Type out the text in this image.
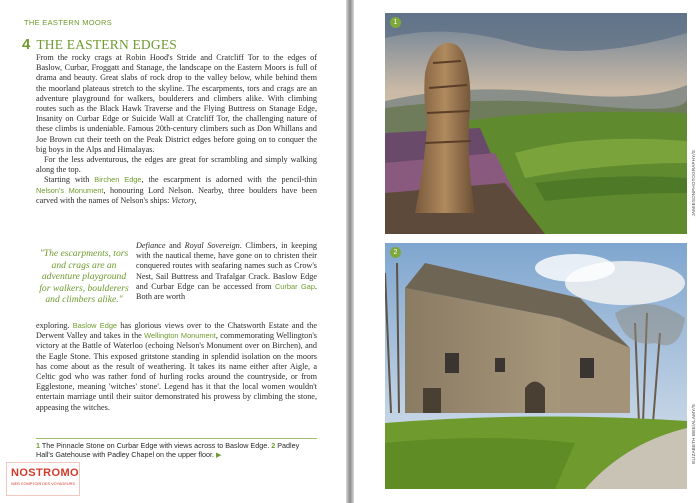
THE EASTERN MOORS
4 THE EASTERN EDGES

From the rocky crags at Robin Hood's Stride and Cratcliff Tor to the edges of Baslow, Curbar, Froggatt and Stanage, the landscape on the Eastern Moors is full of drama and beauty. Great slabs of rock drop to the valley below, while behind them the moorland plateaus stretch to the skyline. The escarpments, tors and crags are an adventure playground for walkers, boulderers and climbers alike. With climbing routes such as the Black Hawk Traverse and the Flying Buttress on Stanage Edge, Insanity on Curbar Edge or Suicide Wall at Cratcliff Tor, the challenging nature of these climbs is undeniable. Famous 20th-century climbers such as Don Whillans and Joe Brown cut their teeth on the Peak District edges before going on to conquer the big boys in the Alps and Himalayas.

For the less adventurous, the edges are great for scrambling and simply walking along the top.

Starting with Birchen Edge, the escarpment is adorned with the pencil-thin Nelson's Monument, honouring Lord Nelson. Nearby, three boulders have been carved with the names of Nelson's ships: Victory,

"The escarpments, tors and crags are an adventure playground for walkers, boulderers and climbers alike."

Defiance and Royal Sovereign. Climbers, in keeping with the nautical theme, have gone on to christen their conquered routes with seafaring names such as Crow's Nest, Sail Buttress and Trafalgar Crack. Baslow Edge and Curbar Edge can be accessed from Curbar Gap. Both are worth

exploring. Baslow Edge has glorious views over to the Chatsworth Estate and the Derwent Valley and takes in the Wellington Monument, commemorating Wellington's victory at the Battle of Waterloo (echoing Nelson's Monument over on Birchen), and the Eagle Stone. This exposed gritstone standing in splendid isolation on the moors has come about as the result of weathering. It takes its name either after Aigle, a Celtic god who was rather fond of hurling rocks around the countryside, or from Egglestone, meaning 'witches' stone'. Legend has it that the local women wouldn't entertain marriage until their suitor demonstrated his prowess by climbing the stone, appeasing the witches.

1 The Pinnacle Stone on Curbar Edge with views across to Baslow Edge. 2 Padley Hall's Gatehouse with Padley Chapel on the upper floor. ▶
NOSTROMO
WEB COMPTOIR DES VOYAGEURS
1
JAMIESONPHOTOGRAPHY/S
2
ELIZABETH BEE/ALAMY/S
